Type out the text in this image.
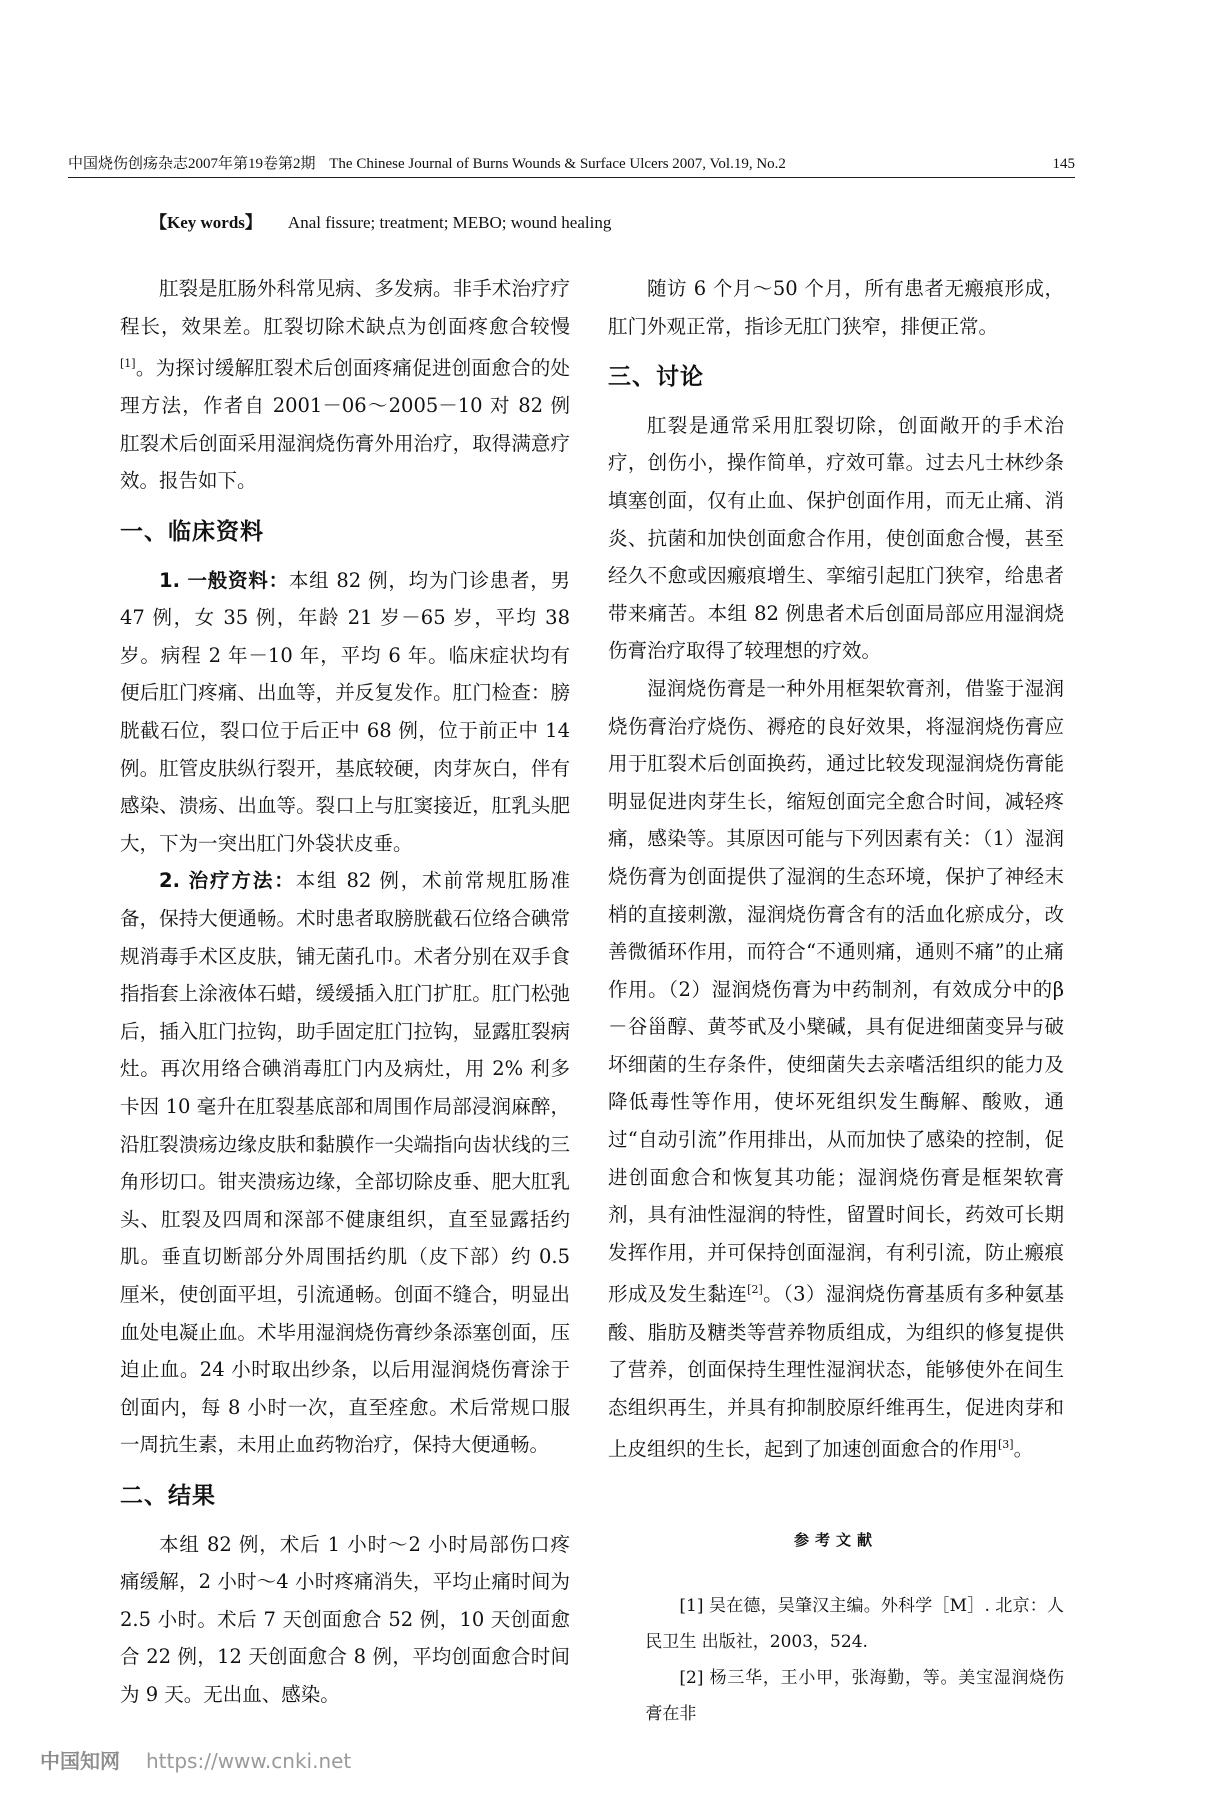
中国烧伤创疡杂志2007年第19卷第2期 The Chinese Journal of Burns Wounds & Surface Ulcers 2007, Vol.19, No.2	145
【Key words】 Anal fissure; treatment; MEBO; wound healing

肛裂是肛肠外科常见病、多发病。非手术治疗疗程长，效果差。肛裂切除术缺点为创面疼愈合较慢[1]。为探讨缓解肛裂术后创面疼痛促进创面愈合的处理方法，作者自 2001－06～2005－10 对 82 例肛裂术后创面采用湿润烧伤膏外用治疗，取得满意疗效。报告如下。

一、临床资料

1. 一般资料：本组 82 例，均为门诊患者，男 47 例，女 35 例，年龄 21 岁－65 岁，平均 38 岁。病程 2 年－10 年，平均 6 年。临床症状均有便后肛门疼痛、出血等，并反复发作。肛门检查：膀胱截石位，裂口位于后正中 68 例，位于前正中 14 例。肛管皮肤纵行裂开，基底较硬，肉芽灰白，伴有感染、溃疡、出血等。裂口上与肛窦接近，肛乳头肥大，下为一突出肛门外袋状皮垂。

2. 治疗方法：本组 82 例，术前常规肛肠准备，保持大便通畅。术时患者取膀胱截石位络合碘常规消毒手术区皮肤，铺无菌孔巾。术者分别在双手食指指套上涂液体石蜡，缓缓插入肛门扩肛。肛门松弛后，插入肛门拉钩，助手固定肛门拉钩，显露肛裂病灶。再次用络合碘消毒肛门内及病灶，用 2% 利多卡因 10 毫升在肛裂基底部和周围作局部浸润麻醉，沿肛裂溃疡边缘皮肤和黏膜作一尖端指向齿状线的三角形切口。钳夹溃疡边缘，全部切除皮垂、肥大肛乳头、肛裂及四周和深部不健康组织，直至显露括约肌。垂直切断部分外周围括约肌（皮下部）约 0.5 厘米，使创面平坦，引流通畅。创面不缝合，明显出血处电凝止血。术毕用湿润烧伤膏纱条添塞创面，压迫止血。24 小时取出纱条，以后用湿润烧伤膏涂于创面内，每 8 小时一次，直至痊愈。术后常规口服一周抗生素，未用止血药物治疗，保持大便通畅。

二、结果

本组 82 例，术后 1 小时～2 小时局部伤口疼痛缓解，2 小时～4 小时疼痛消失，平均止痛时间为 2.5 小时。术后 7 天创面愈合 52 例，10 天创面愈合 22 例，12 天创面愈合 8 例，平均创面愈合时间为 9 天。无出血、感染。

随访 6 个月～50 个月，所有患者无瘢痕形成，肛门外观正常，指诊无肛门狭窄，排便正常。

三、讨论

肛裂是通常采用肛裂切除，创面敞开的手术治疗，创伤小，操作简单，疗效可靠。过去凡士林纱条填塞创面，仅有止血、保护创面作用，而无止痛、消炎、抗菌和加快创面愈合作用，使创面愈合慢，甚至经久不愈或因瘢痕增生、挛缩引起肛门狭窄，给患者带来痛苦。本组 82 例患者术后创面局部应用湿润烧伤膏治疗取得了较理想的疗效。

湿润烧伤膏是一种外用框架软膏剂，借鉴于湿润烧伤膏治疗烧伤、褥疮的良好效果，将湿润烧伤膏应用于肛裂术后创面换药，通过比较发现湿润烧伤膏能明显促进肉芽生长，缩短创面完全愈合时间，减轻疼痛，感染等。其原因可能与下列因素有关：（1）湿润烧伤膏为创面提供了湿润的生态环境，保护了神经末梢的直接刺激，湿润烧伤膏含有的活血化瘀成分，改善微循环作用，而符合“不通则痛，通则不痛”的止痛作用。（2）湿润烧伤膏为中药制剂，有效成分中的β－谷甾醇、黄芩甙及小檗碱，具有促进细菌变异与破坏细菌的生存条件，使细菌失去亲嗜活组织的能力及降低毒性等作用，使坏死组织发生酶解、酸败，通过“自动引流”作用排出，从而加快了感染的控制，促进创面愈合和恢复其功能；湿润烧伤膏是框架软膏剂，具有油性湿润的特性，留置时间长，药效可长期发挥作用，并可保持创面湿润，有利引流，防止瘢痕形成及发生黏连[2]。（3）湿润烧伤膏基质有多种氨基酸、脂肪及糖类等营养物质组成，为组织的修复提供了营养，创面保持生理性湿润状态，能够使外在间生态组织再生，并具有抑制胶原纤维再生，促进肉芽和上皮组织的生长，起到了加速创面愈合的作用[3]。

参考文献

[1] 吴在德，吴肇汉主编。外科学［M］. 北京：人民卫生 出版社，2003，524.

[2] 杨三华，王小甲，张海勤，等。美宝湿润烧伤膏在非

中国知网 https://www.cnki.net
